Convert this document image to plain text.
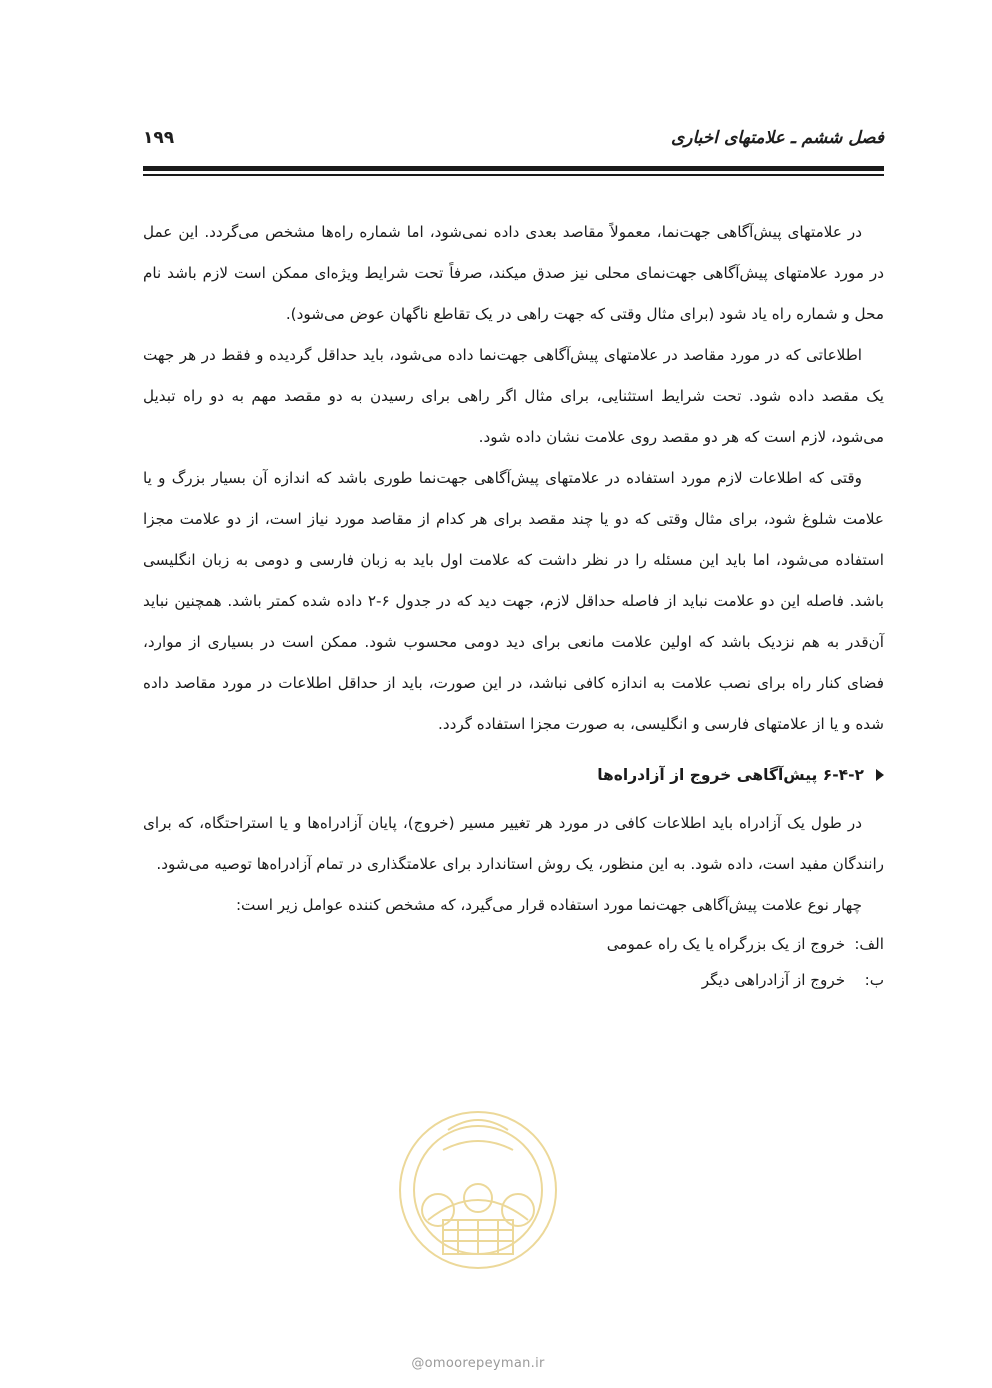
فصل ششم ـ علامتهای اخباری
۱۹۹

در علامتهای پیش‌آگاهی جهت‌نما، معمولاً مقاصد بعدی داده نمی‌شود، اما شماره راه‌ها مشخص می‌گردد. این عمل در مورد علامتهای پیش‌آگاهی جهت‌نمای محلی نیز صدق میکند، صرفاً تحت شرایط ویژه‌ای ممکن است لازم باشد نام محل و شماره راه یاد شود (برای مثال وقتی که جهت راهی در یک تقاطع ناگهان عوض می‌شود).

اطلاعاتی که در مورد مقاصد در علامتهای پیش‌آگاهی جهت‌نما داده می‌شود، باید حداقل گردیده و فقط در هر جهت یک مقصد داده شود. تحت شرایط استثنایی، برای مثال اگر راهی برای رسیدن به دو مقصد مهم به دو راه تبدیل می‌شود، لازم است که هر دو مقصد روی علامت نشان داده شود.

وقتی که اطلاعات لازم مورد استفاده در علامتهای پیش‌آگاهی جهت‌نما طوری باشد که اندازه آن بسیار بزرگ و یا علامت شلوغ شود، برای مثال وقتی که دو یا چند مقصد برای هر کدام از مقاصد مورد نیاز است، از دو علامت مجزا استفاده می‌شود، اما باید این مسئله را در نظر داشت که علامت اول باید به زبان فارسی و دومی به زبان انگلیسی باشد. فاصله این دو علامت نباید از فاصله حداقل لازم، جهت دید که در جدول ۶-۲ داده شده کمتر باشد. همچنین نباید آن‌قدر به هم نزدیک باشد که اولین علامت مانعی برای دید دومی محسوب شود. ممکن است در بسیاری از موارد، فضای کنار راه برای نصب علامت به اندازه کافی نباشد، در این صورت، باید از حداقل اطلاعات در مورد مقاصد داده شده و یا از علامتهای فارسی و انگلیسی، به صورت مجزا استفاده گردد.

۶-۴-۲ پیش‌آگاهی خروج از آزادراه‌ها

در طول یک آزادراه باید اطلاعات کافی در مورد هر تغییر مسیر (خروج)، پایان آزادراه‌ها و یا استراحتگاه، که برای رانندگان مفید است، داده شود. به این منظور، یک روش استاندارد برای علامتگذاری در تمام آزادراه‌ها توصیه می‌شود.

چهار نوع علامت پیش‌آگاهی جهت‌نما مورد استفاده قرار می‌گیرد، که مشخص کننده عوامل زیر است:

الف: خروج از یک بزرگراه یا یک راه عمومی
ب: خروج از آزادراهی دیگر
@omoorepeyman.ir
